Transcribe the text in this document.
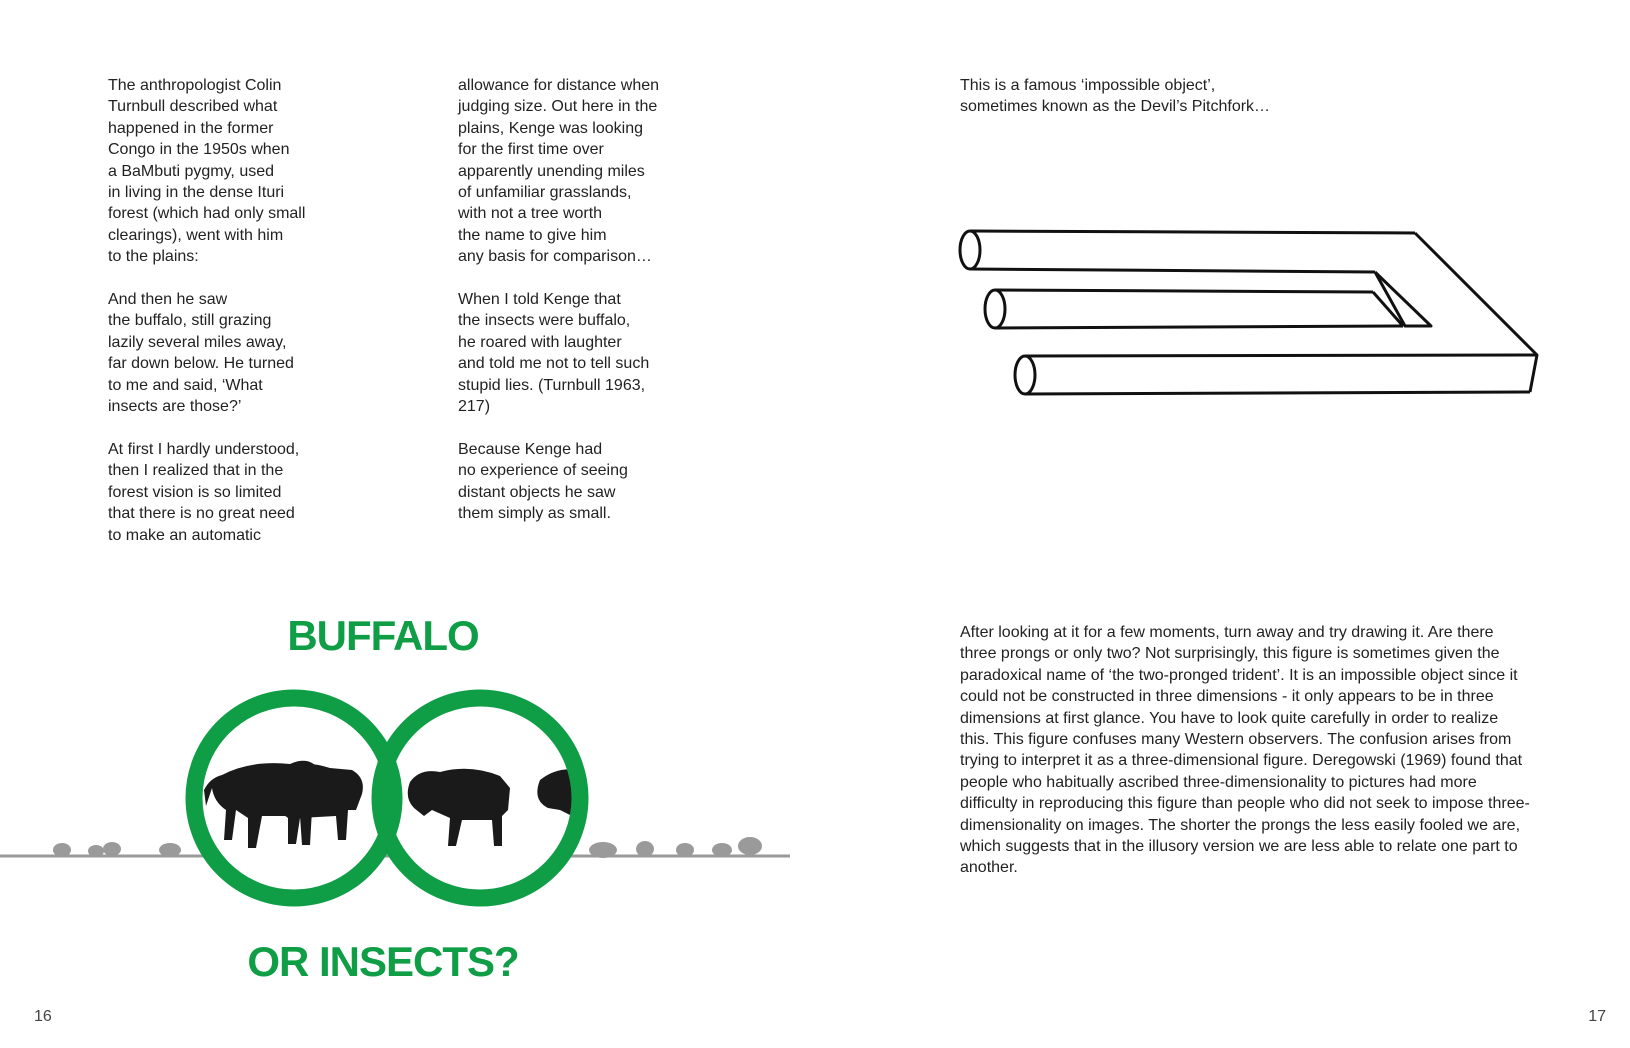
The anthropologist Colin
Turnbull described what
happened in the former
Congo in the 1950s when
a BaMbuti pygmy, used
in living in the dense Ituri
forest (which had only small
clearings), went with him
to the plains:

And then he saw
the buffalo, still grazing
lazily several miles away,
far down below. He turned
to me and said, ‘What
insects are those?’

At first I hardly understood,
then I realized that in the
forest vision is so limited
that there is no great need
to make an automatic

allowance for distance when
judging size. Out here in the
plains, Kenge was looking
for the first time over
apparently unending miles
of unfamiliar grasslands,
with not a tree worth
the name to give him
any basis for comparison…

When I told Kenge that
the insects were buffalo,
he roared with laughter
and told me not to tell such
stupid lies. (Turnbull 1963,
217)

Because Kenge had
no experience of seeing
distant objects he saw
them simply as small.

BUFFALO
OR INSECTS?
16
This is a famous ‘impossible object’,
sometimes known as the Devil’s Pitchfork…

After looking at it for a few moments, turn away and try drawing it. Are there three prongs or only two? Not surprisingly, this figure is sometimes given the paradoxical name of ‘the two-pronged trident’. It is an impossible object since it could not be constructed in three dimensions - it only appears to be in three dimensions at first glance. You have to look quite carefully in order to realize this. This figure confuses many Western observers. The confusion arises from trying to interpret it as a three-dimensional figure. Deregowski (1969) found that people who habitually ascribed three-dimensionality to pictures had more difficulty in reproducing this figure than people who did not seek to impose three-dimensionality on images. The shorter the prongs the less easily fooled we are, which suggests that in the illusory version we are less able to relate one part to another.

17
